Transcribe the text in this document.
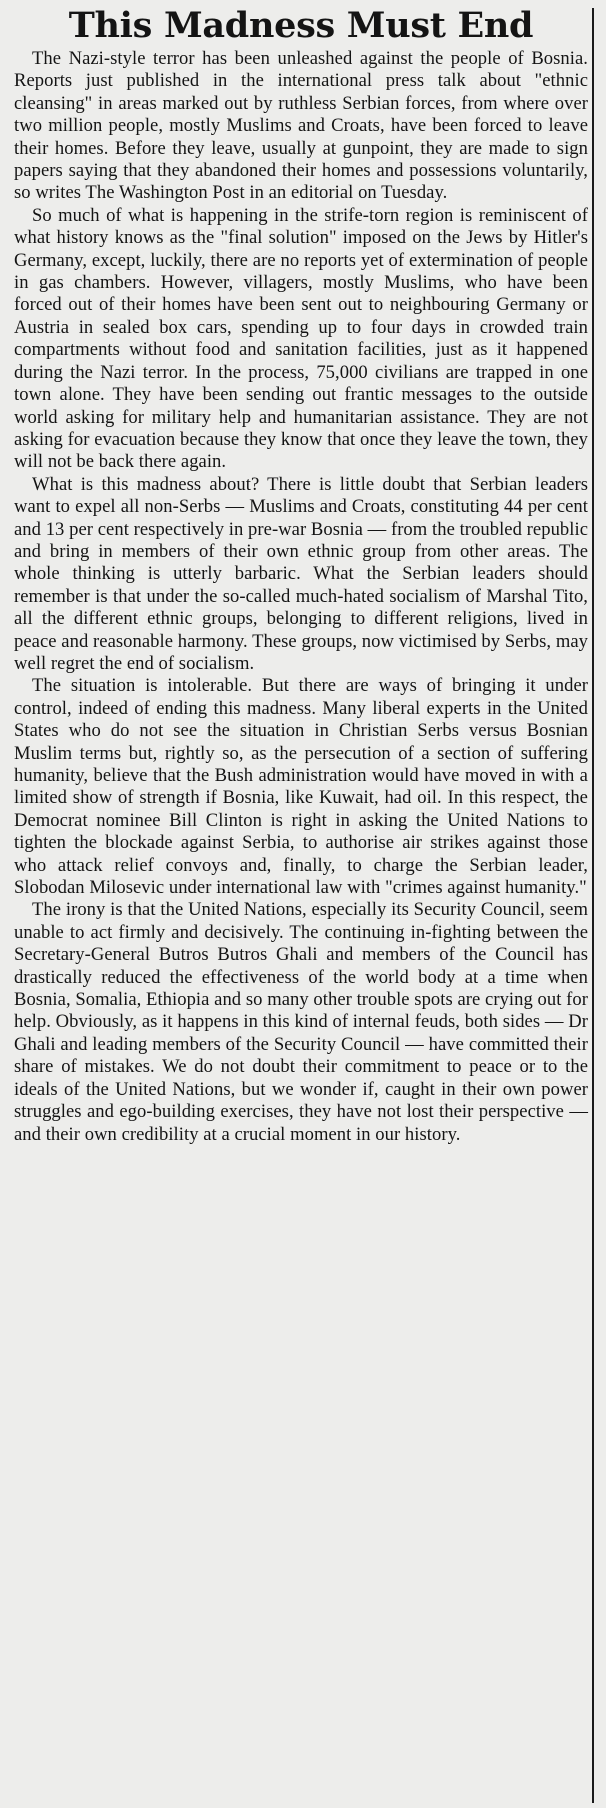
This Madness Must End

The Nazi-style terror has been unleashed against the people of Bosnia. Reports just published in the international press talk about "ethnic cleansing" in areas marked out by ruthless Serbian forces, from where over two million people, mostly Muslims and Croats, have been forced to leave their homes. Before they leave, usually at gunpoint, they are made to sign papers saying that they abandoned their homes and possessions voluntarily, so writes The Washington Post in an editorial on Tuesday.

So much of what is happening in the strife-torn region is reminiscent of what history knows as the "final solution" imposed on the Jews by Hitler's Germany, except, luckily, there are no reports yet of extermination of people in gas chambers. However, villagers, mostly Muslims, who have been forced out of their homes have been sent out to neighbouring Germany or Austria in sealed box cars, spending up to four days in crowded train compartments without food and sanitation facilities, just as it happened during the Nazi terror. In the process, 75,000 civilians are trapped in one town alone. They have been sending out frantic messages to the outside world asking for military help and humanitarian assistance. They are not asking for evacuation because they know that once they leave the town, they will not be back there again.

What is this madness about? There is little doubt that Serbian leaders want to expel all non-Serbs — Muslims and Croats, constituting 44 per cent and 13 per cent respectively in pre-war Bosnia — from the troubled republic and bring in members of their own ethnic group from other areas. The whole thinking is utterly barbaric. What the Serbian leaders should remember is that under the so-called much-hated socialism of Marshal Tito, all the different ethnic groups, belonging to different religions, lived in peace and reasonable harmony. These groups, now victimised by Serbs, may well regret the end of socialism.

The situation is intolerable. But there are ways of bringing it under control, indeed of ending this madness. Many liberal experts in the United States who do not see the situation in Christian Serbs versus Bosnian Muslim terms but, rightly so, as the persecution of a section of suffering humanity, believe that the Bush administration would have moved in with a limited show of strength if Bosnia, like Kuwait, had oil. In this respect, the Democrat nominee Bill Clinton is right in asking the United Nations to tighten the blockade against Serbia, to authorise air strikes against those who attack relief convoys and, finally, to charge the Serbian leader, Slobodan Milosevic under international law with "crimes against humanity."

The irony is that the United Nations, especially its Security Council, seem unable to act firmly and decisively. The continuing in-fighting between the Secretary-General Butros Butros Ghali and members of the Council has drastically reduced the effectiveness of the world body at a time when Bosnia, Somalia, Ethiopia and so many other trouble spots are crying out for help. Obviously, as it happens in this kind of internal feuds, both sides — Dr Ghali and leading members of the Security Council — have committed their share of mistakes. We do not doubt their commitment to peace or to the ideals of the United Nations, but we wonder if, caught in their own power struggles and ego-building exercises, they have not lost their perspective — and their own credibility at a crucial moment in our history.
